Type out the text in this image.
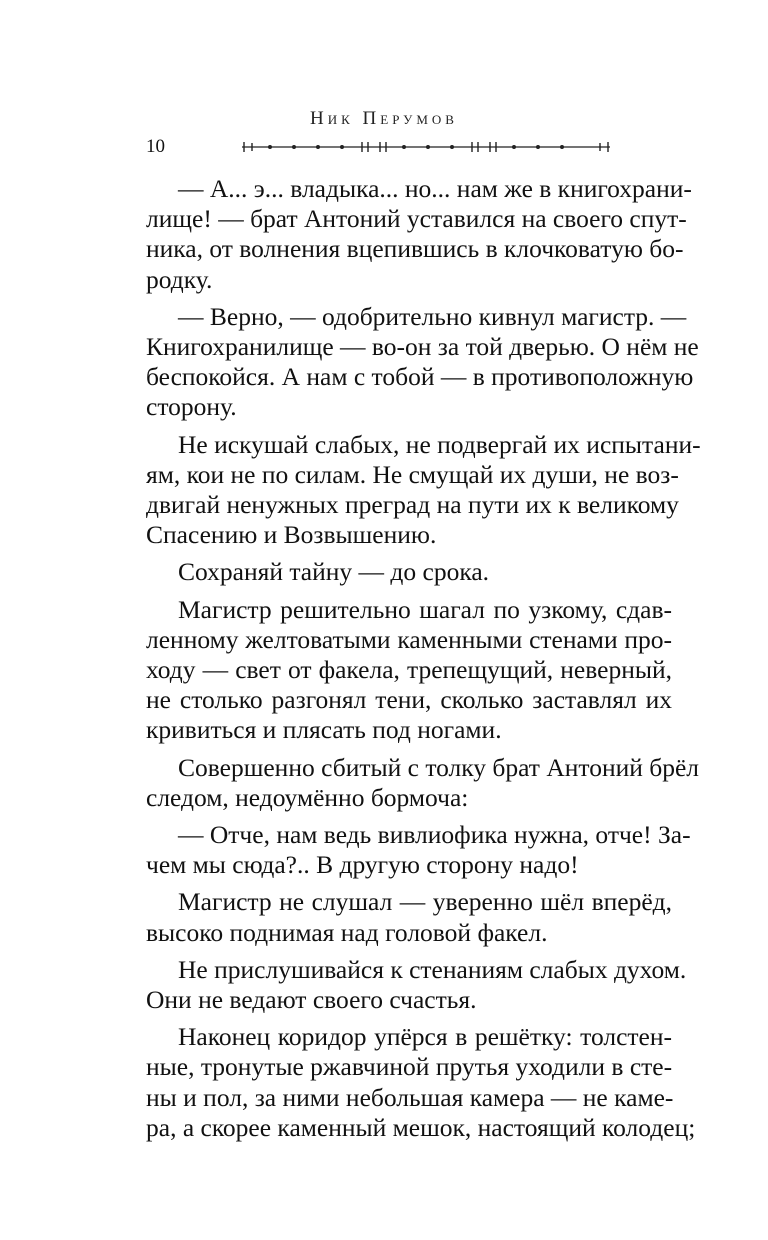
Ник Перумов
10

— А... э... владыка... но... нам же в книгохрани-
лище! — брат Антоний уставился на своего спут-
ника, от волнения вцепившись в клочковатую бо-
родку.

— Верно, — одобрительно кивнул магистр. —
Книгохранилище — во-он за той дверью. О нём не
беспокойся. А нам с тобой — в противоположную
сторону.

Не искушай слабых, не подвергай их испытани-
ям, кои не по силам. Не смущай их души, не воз-
двигай ненужных преград на пути их к великому
Спасению и Возвышению.

Сохраняй тайну — до срока.

Магистр решительно шагал по узкому, сдав-
ленному желтоватыми каменными стенами про-
ходу — свет от факела, трепещущий, неверный,
не столько разгонял тени, сколько заставлял их
кривиться и плясать под ногами.

Совершенно сбитый с толку брат Антоний брёл
следом, недоумённо бормоча:

— Отче, нам ведь вивлиофика нужна, отче! За-
чем мы сюда?.. В другую сторону надо!

Магистр не слушал — уверенно шёл вперёд,
высоко поднимая над головой факел.

Не прислушивайся к стенаниям слабых духом.
Они не ведают своего счастья.

Наконец коридор упёрся в решётку: толстен-
ные, тронутые ржавчиной прутья уходили в сте-
ны и пол, за ними небольшая камера — не каме-
ра, а скорее каменный мешок, настоящий колодец;
